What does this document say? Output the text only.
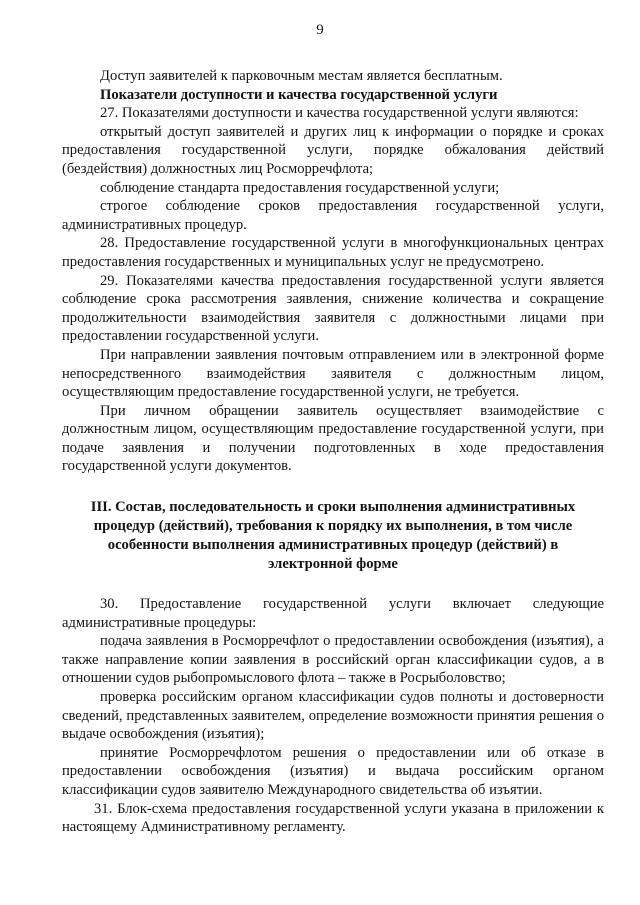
9

Доступ заявителей к парковочным местам является бесплатным.

Показатели доступности и качества государственной услуги

27. Показателями доступности и качества государственной услуги являются:

открытый доступ заявителей и других лиц к информации о порядке и сроках предоставления государственной услуги, порядке обжалования действий (бездействия) должностных лиц Росморречфлота;

соблюдение стандарта предоставления государственной услуги;

строгое соблюдение сроков предоставления государственной услуги, административных процедур.

28. Предоставление государственной услуги в многофункциональных центрах предоставления государственных и муниципальных услуг не предусмотрено.

29. Показателями качества предоставления государственной услуги является соблюдение срока рассмотрения заявления, снижение количества и сокращение продолжительности взаимодействия заявителя с должностными лицами при предоставлении государственной услуги.

При направлении заявления почтовым отправлением или в электронной форме непосредственного взаимодействия заявителя с должностным лицом, осуществляющим предоставление государственной услуги, не требуется.

При личном обращении заявитель осуществляет взаимодействие с должностным лицом, осуществляющим предоставление государственной услуги, при подаче заявления и получении подготовленных в ходе предоставления государственной услуги документов.

III. Состав, последовательность и сроки выполнения административных процедур (действий), требования к порядку их выполнения, в том числе особенности выполнения административных процедур (действий) в электронной форме

30. Предоставление государственной услуги включает следующие административные процедуры:

подача заявления в Росморречфлот о предоставлении освобождения (изъятия), а также направление копии заявления в российский орган классификации судов, а в отношении судов рыбопромыслового флота – также в Росрыболовство;

проверка российским органом классификации судов полноты и достоверности сведений, представленных заявителем, определение возможности принятия решения о выдаче освобождения (изъятия);

принятие Росморречфлотом решения о предоставлении или об отказе в предоставлении освобождения (изъятия) и выдача российским органом классификации судов заявителю Международного свидетельства об изъятии.

31. Блок-схема предоставления государственной услуги указана в приложении к настоящему Административному регламенту.
